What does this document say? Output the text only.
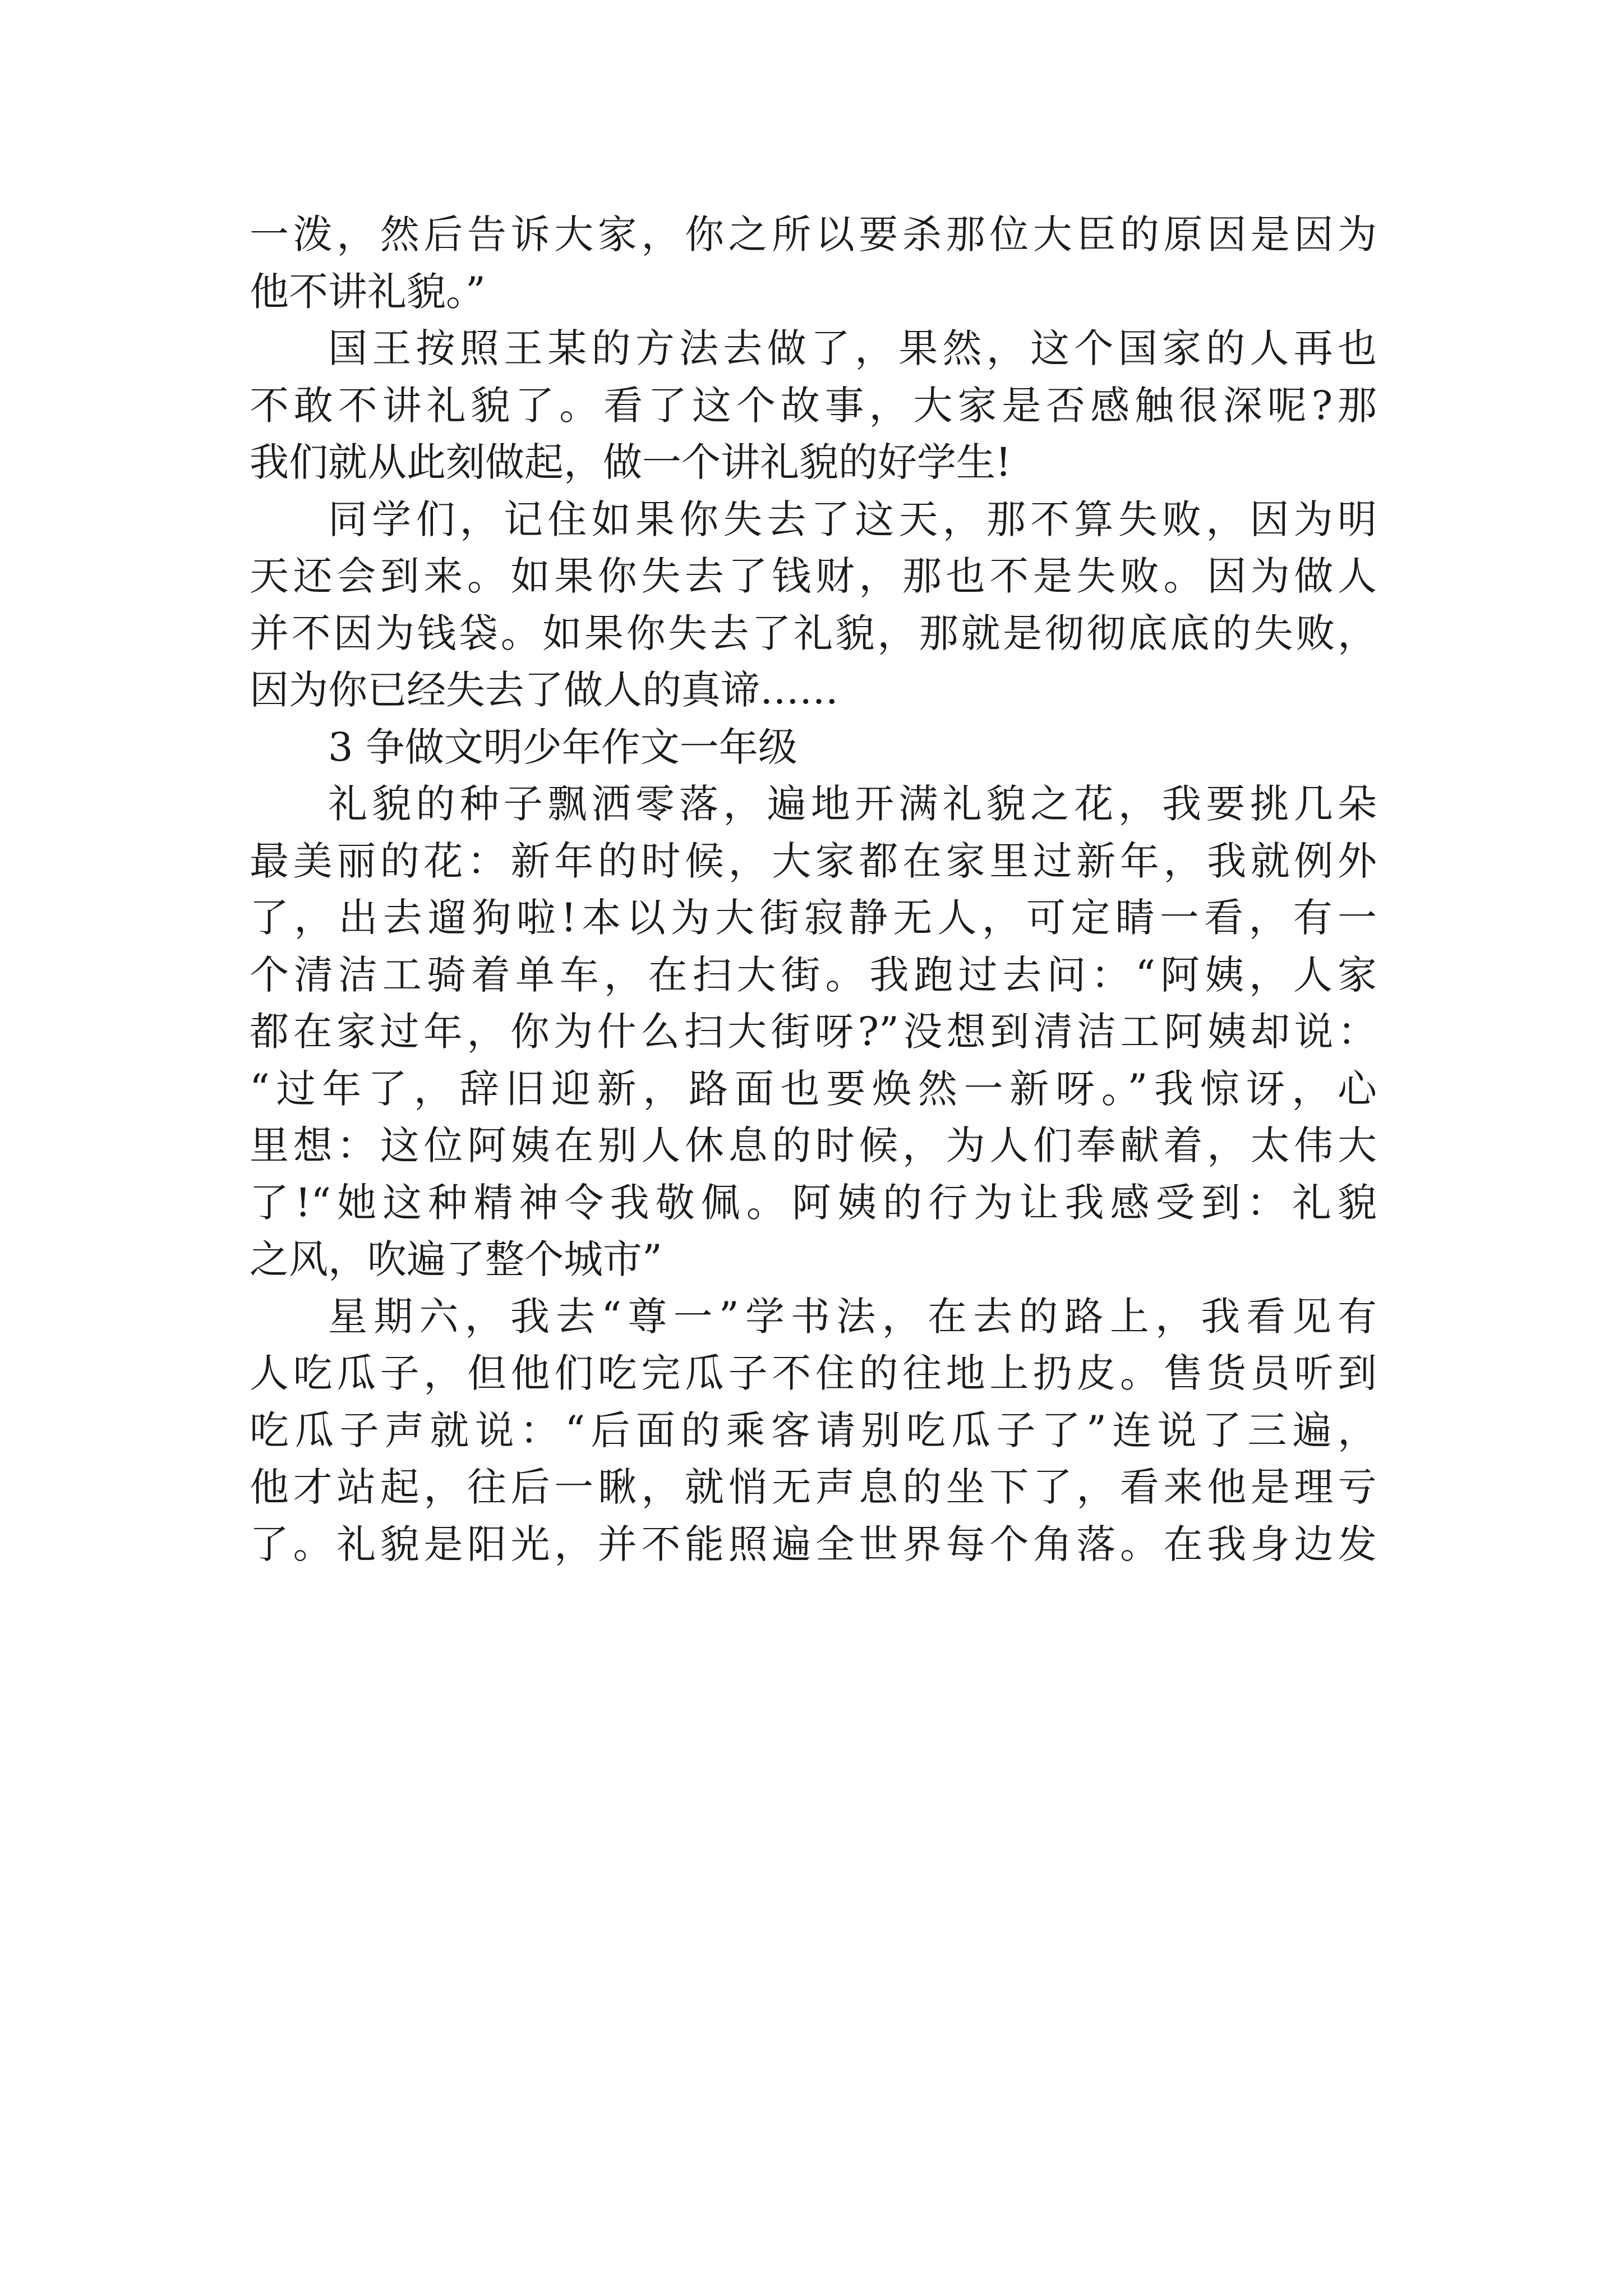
一泼，然后告诉大家，你之所以要杀那位大臣的原因是因为
他不讲礼貌。”
国王按照王某的方法去做了，果然，这个国家的人再也
不敢不讲礼貌了。看了这个故事，大家是否感触很深呢?那
我们就从此刻做起，做一个讲礼貌的好学生!
同学们，记住如果你失去了这天，那不算失败，因为明
天还会到来。如果你失去了钱财，那也不是失败。因为做人
并不因为钱袋。如果你失去了礼貌，那就是彻彻底底的失败，
因为你已经失去了做人的真谛……
3 争做文明少年作文一年级
礼貌的种子飘洒零落，遍地开满礼貌之花，我要挑几朵
最美丽的花：新年的时候，大家都在家里过新年，我就例外
了，出去遛狗啦!本以为大街寂静无人，可定睛一看，有一
个清洁工骑着单车，在扫大街。我跑过去问：“阿姨，人家
都在家过年，你为什么扫大街呀?”没想到清洁工阿姨却说：
“过年了，辞旧迎新，路面也要焕然一新呀。”我惊讶，心
里想：这位阿姨在别人休息的时候，为人们奉献着，太伟大
了!“她这种精神令我敬佩。阿姨的行为让我感受到：礼貌
之风，吹遍了整个城市”
星期六，我去“尊一”学书法，在去的路上，我看见有
人吃瓜子，但他们吃完瓜子不住的往地上扔皮。售货员听到
吃瓜子声就说：“后面的乘客请别吃瓜子了”连说了三遍，
他才站起，往后一瞅，就悄无声息的坐下了，看来他是理亏
了。礼貌是阳光，并不能照遍全世界每个角落。在我身边发
